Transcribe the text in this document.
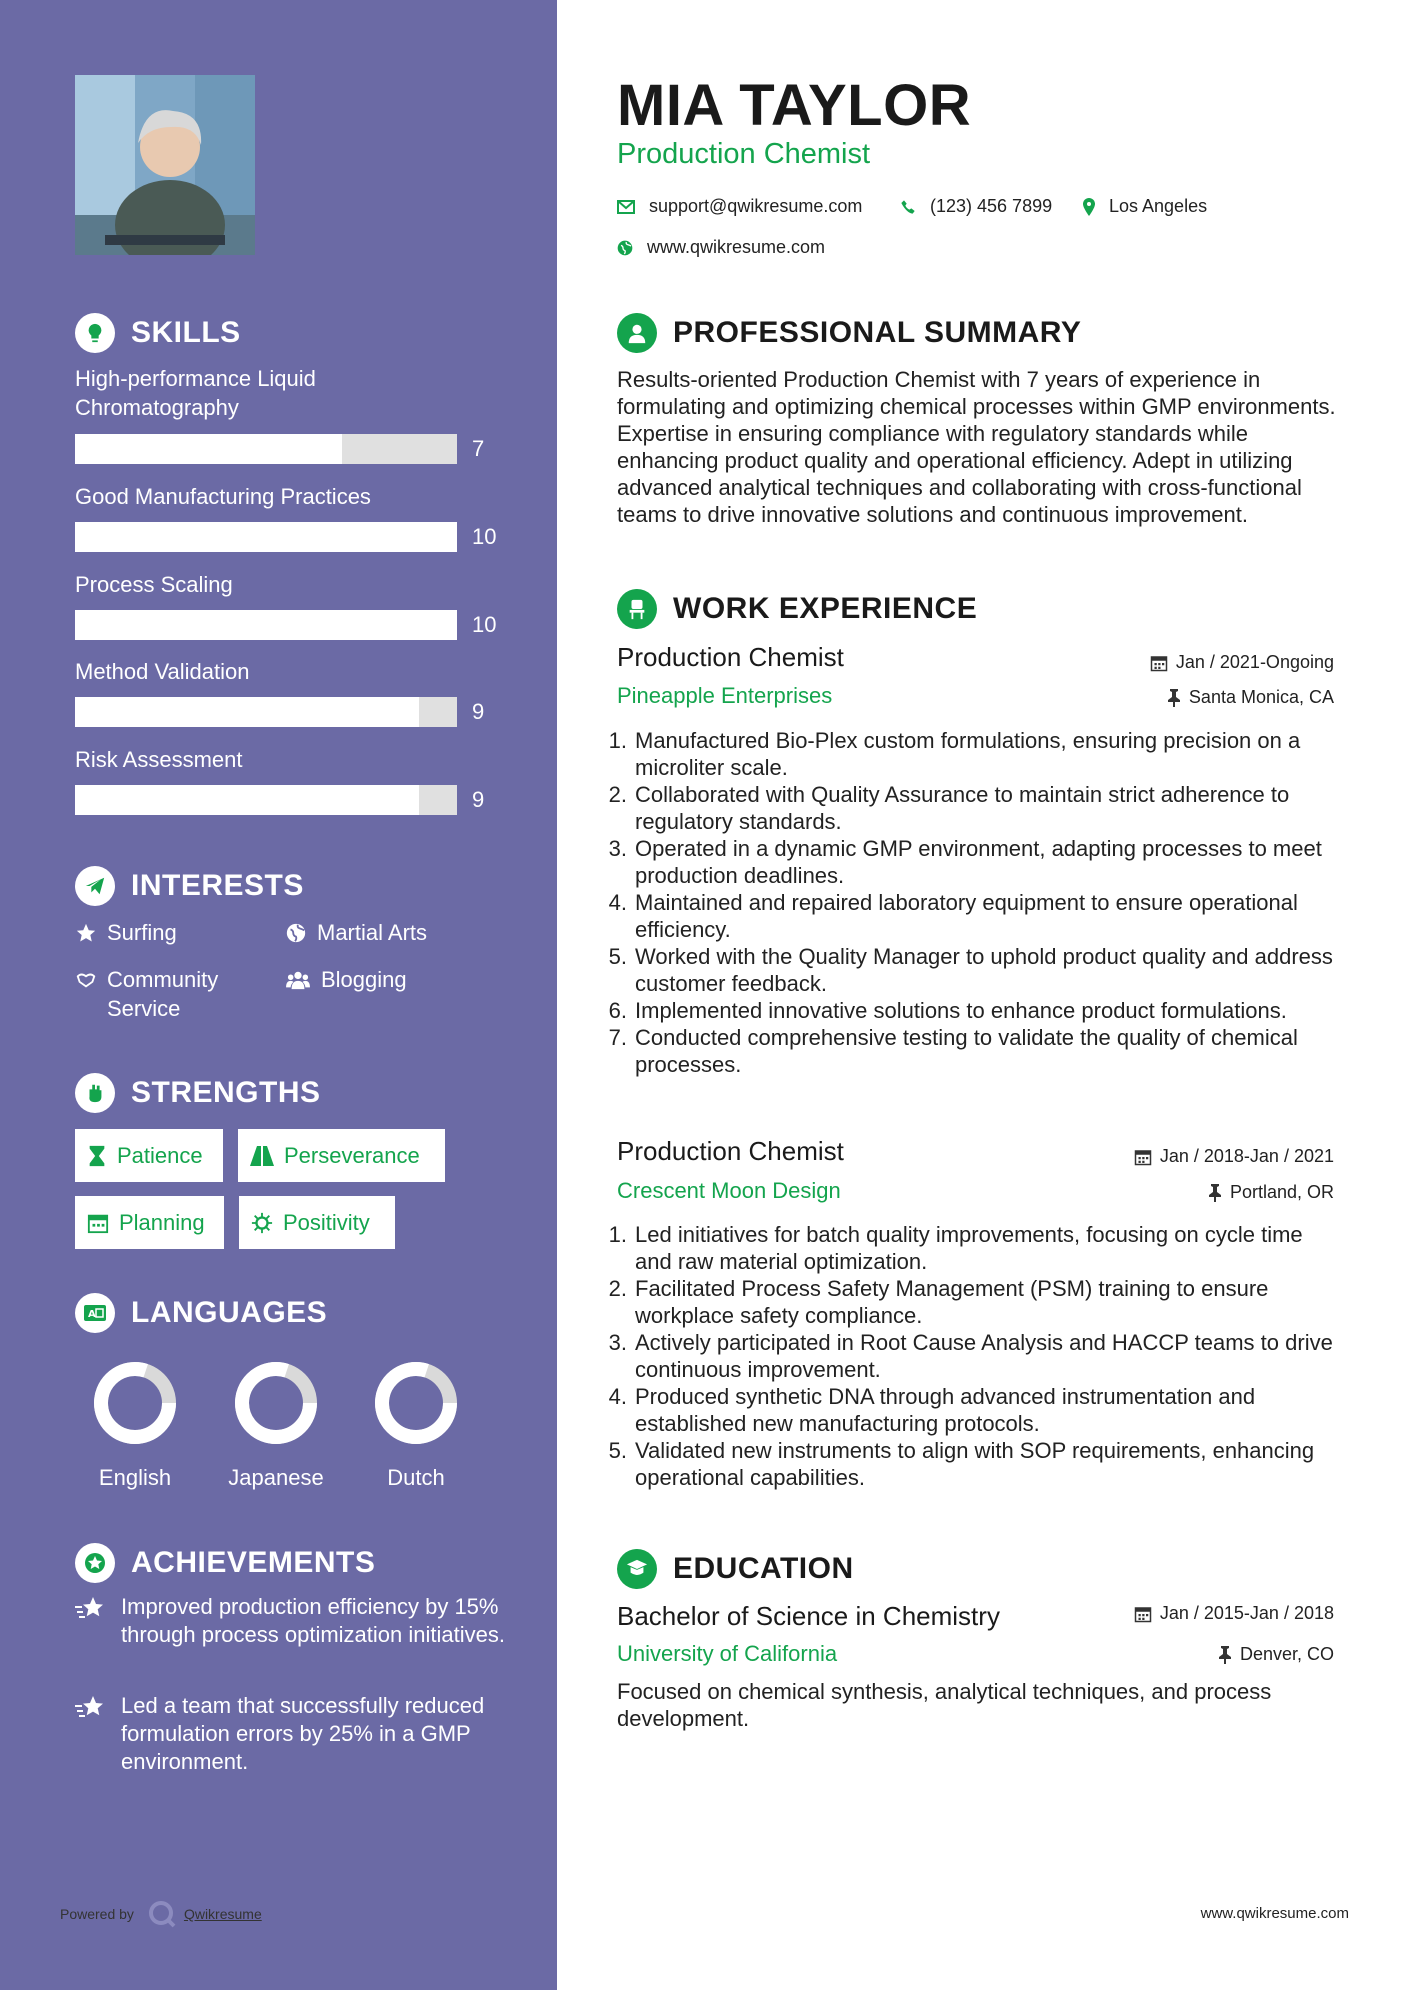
SKILLS
High-performance Liquid Chromatography
7
Good Manufacturing Practices
10
Process Scaling
10
Method Validation
9
Risk Assessment
9
INTERESTS
Surfing	Martial Arts
Community Service
Blogging
STRENGTHS
Patience	Perseverance
Planning	Positivity
A LANGUAGES
English	Japanese	Dutch
ACHIEVEMENTS
Improved production efficiency by 15% through process optimization initiatives.
Led a team that successfully reduced formulation errors by 25% in a GMP environment.
Powered by	Qwikresume
MIA TAYLOR
Production Chemist
support@qwikresume.com	(123) 456 7899	Los Angeles
www.qwikresume.com
PROFESSIONAL SUMMARY
Results-oriented Production Chemist with 7 years of experience in formulating and optimizing chemical processes within GMP environments. Expertise in ensuring compliance with regulatory standards while enhancing product quality and operational efficiency. Adept in utilizing advanced analytical techniques and collaborating with cross-functional teams to drive innovative solutions and continuous improvement.
WORK EXPERIENCE
Production Chemist	Jan / 2021-Ongoing
Pineapple Enterprises	Santa Monica, CA
1. Manufactured Bio-Plex custom formulations, ensuring precision on a microliter scale.
2. Collaborated with Quality Assurance to maintain strict adherence to regulatory standards.
3. Operated in a dynamic GMP environment, adapting processes to meet production deadlines.
4. Maintained and repaired laboratory equipment to ensure operational efficiency.
5. Worked with the Quality Manager to uphold product quality and address customer feedback.
6. Implemented innovative solutions to enhance product formulations.
7. Conducted comprehensive testing to validate the quality of chemical processes.
Production Chemist	Jan / 2018-Jan / 2021
Crescent Moon Design	Portland, OR
1. Led initiatives for batch quality improvements, focusing on cycle time and raw material optimization.
2. Facilitated Process Safety Management (PSM) training to ensure workplace safety compliance.
3. Actively participated in Root Cause Analysis and HACCP teams to drive continuous improvement.
4. Produced synthetic DNA through advanced instrumentation and established new manufacturing protocols.
5. Validated new instruments to align with SOP requirements, enhancing operational capabilities.
EDUCATION
Bachelor of Science in Chemistry	Jan / 2015-Jan / 2018
University of California	Denver, CO
Focused on chemical synthesis, analytical techniques, and process development.
www.qwikresume.com
